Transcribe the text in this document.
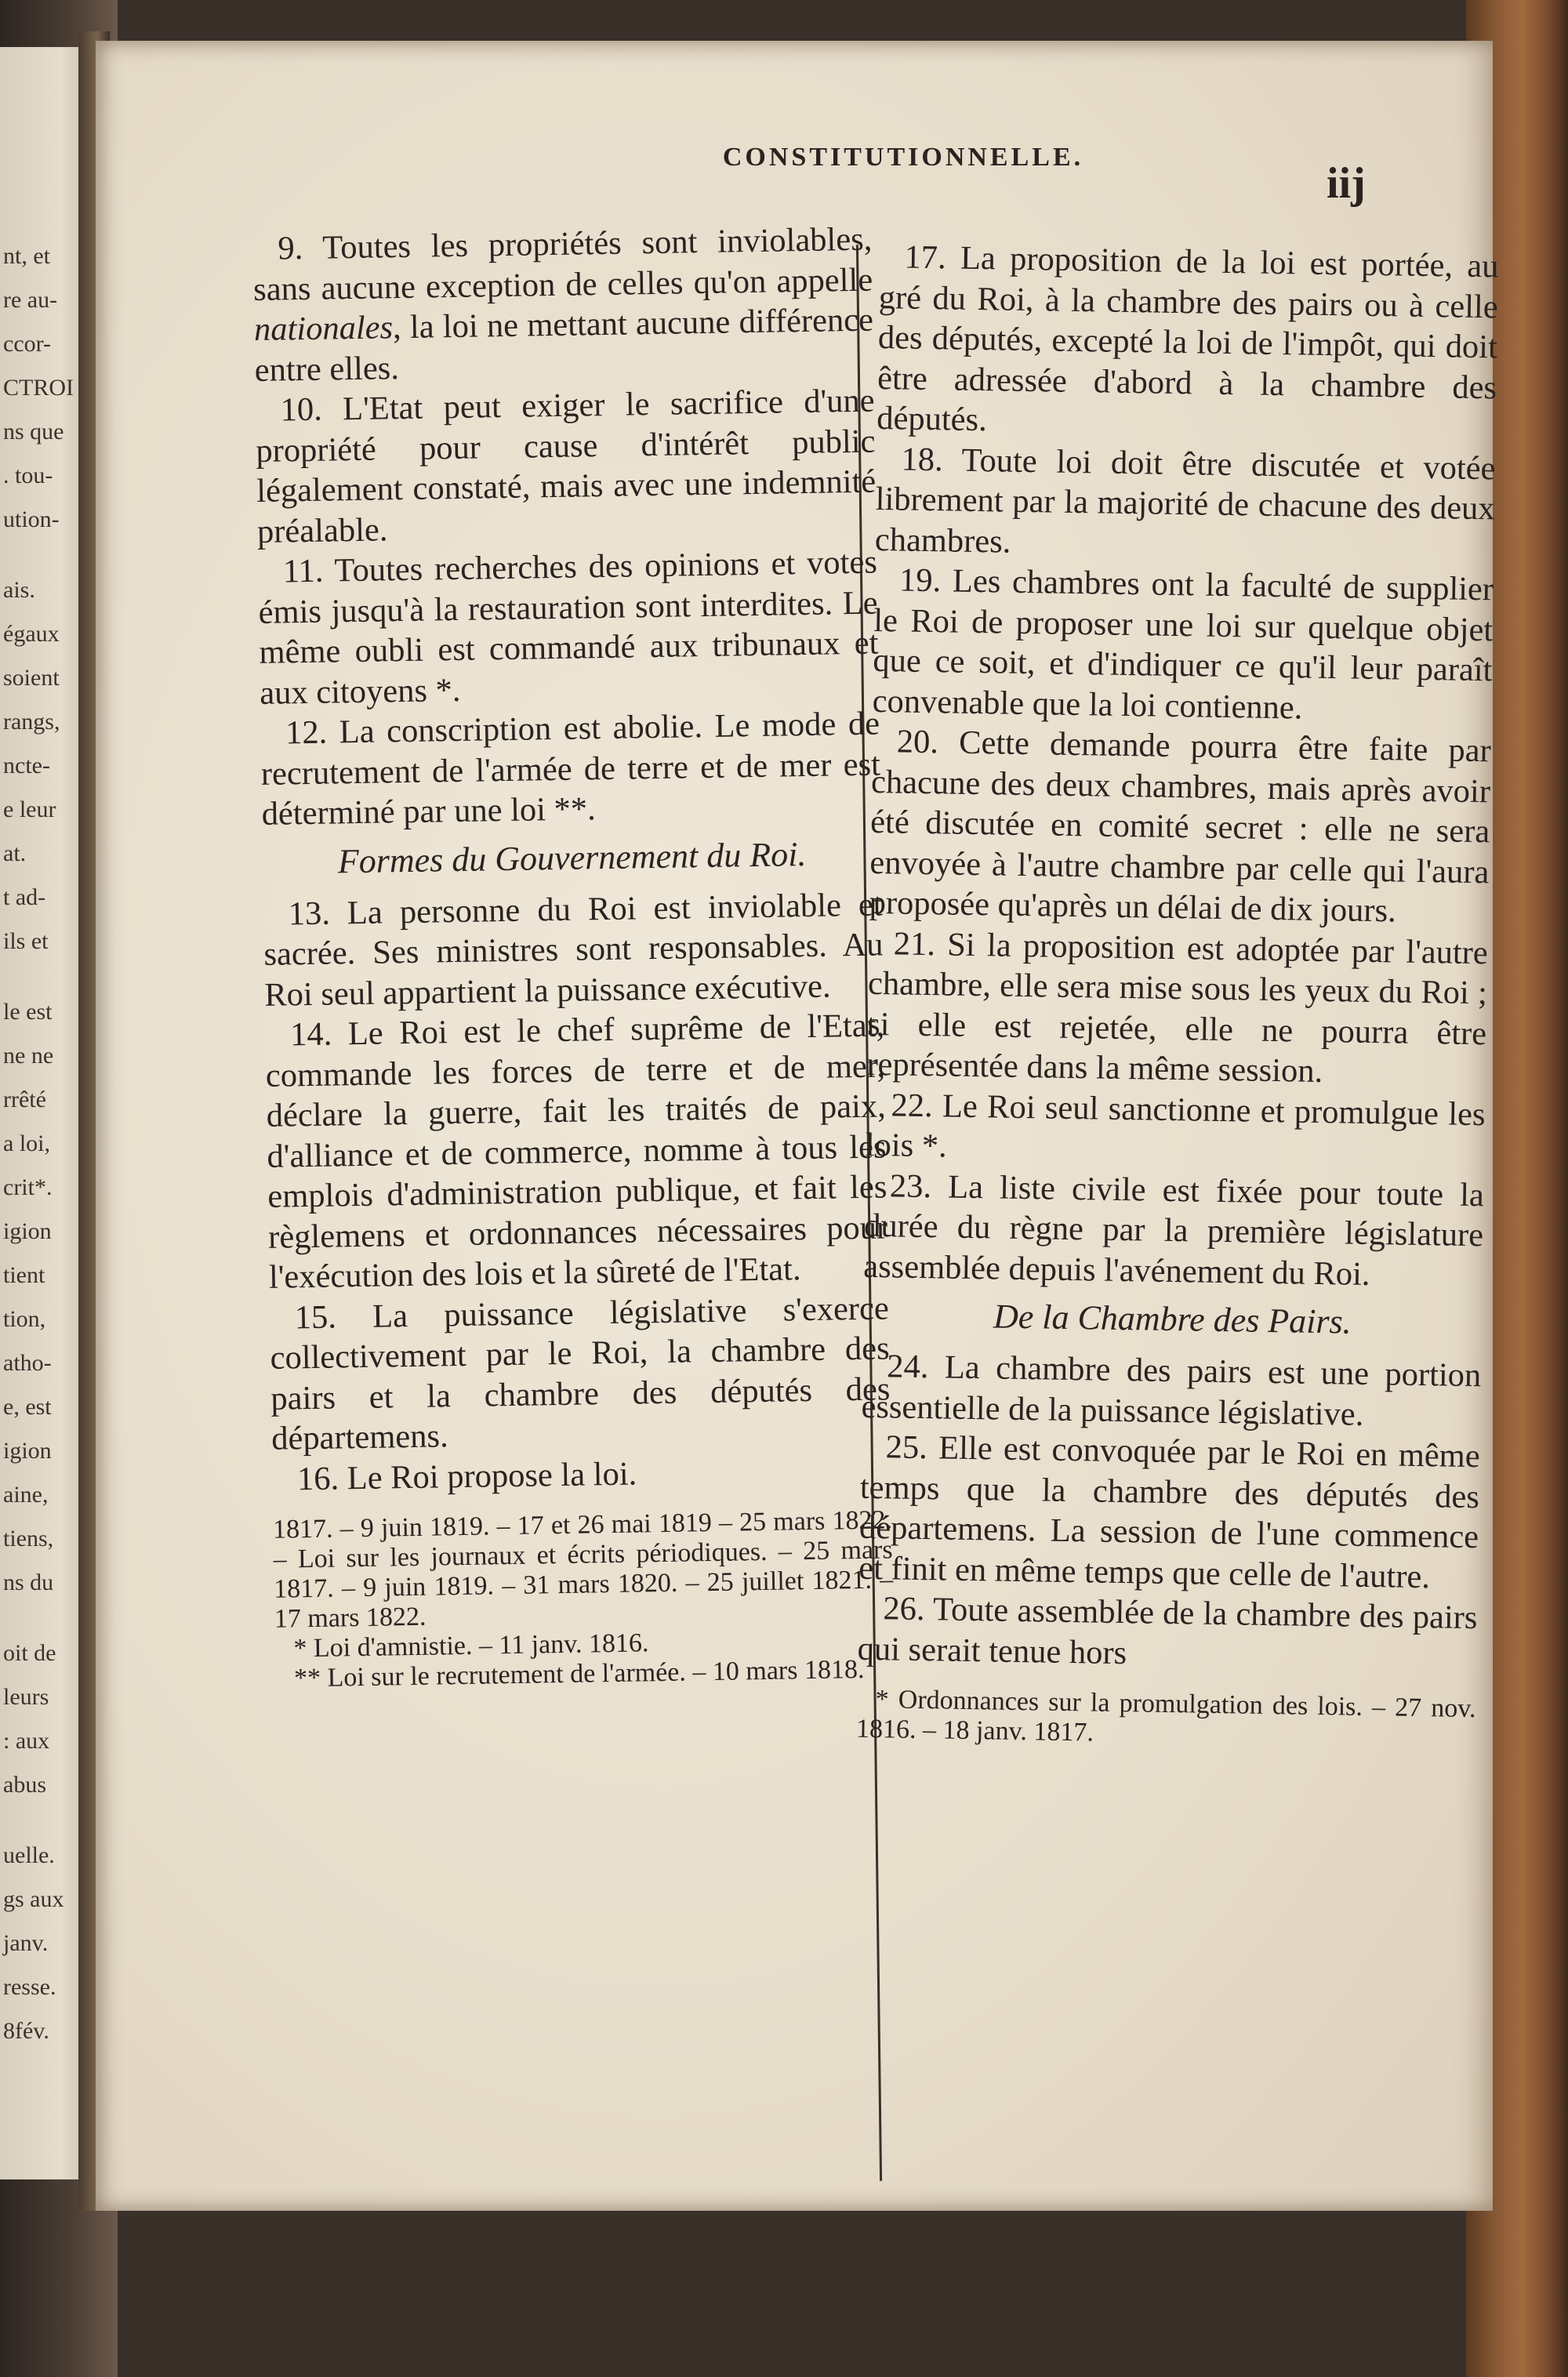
nt, et
re au-
ccor-
CTROI
ns que
. tou-
ution-
ais.
égaux
soient
rangs,
ncte-
e leur
at.
t ad-
ils et
le est
ne ne
rrêté
a loi,
crit*.
igion
tient
tion,
atho-
e, est
igion
aine,
tiens,
ns du
oit de
leurs
: aux
abus
uelle.
gs aux
janv.
resse.
8fév.
CONSTITUTIONNELLE.
iij

9. Toutes les propriétés sont inviolables, sans aucune exception de celles qu'on appelle nationales, la loi ne mettant aucune différence entre elles.

10. L'Etat peut exiger le sacrifice d'une propriété pour cause d'intérêt public légalement constaté, mais avec une indemnité préalable.

11. Toutes recherches des opinions et votes émis jusqu'à la restauration sont interdites. Le même oubli est commandé aux tribunaux et aux citoyens *.

12. La conscription est abolie. Le mode de recrutement de l'armée de terre et de mer est déterminé par une loi **.

Formes du Gouvernement du Roi.

13. La personne du Roi est inviolable et sacrée. Ses ministres sont responsables. Au Roi seul appartient la puissance exécutive.

14. Le Roi est le chef suprême de l'Etat, commande les forces de terre et de mer, déclare la guerre, fait les traités de paix, d'alliance et de commerce, nomme à tous les emplois d'administration publique, et fait les règlemens et ordonnances nécessaires pour l'exécution des lois et la sûreté de l'Etat.

15. La puissance législative s'exerce collectivement par le Roi, la chambre des pairs et la chambre des députés des départemens.

16. Le Roi propose la loi.

1817. – 9 juin 1819. – 17 et 26 mai 1819 – 25 mars 1822. – Loi sur les journaux et écrits périodiques. – 25 mars 1817. – 9 juin 1819. – 31 mars 1820. – 25 juillet 1821. – 17 mars 1822.

* Loi d'amnistie. – 11 janv. 1816.

** Loi sur le recrutement de l'armée. – 10 mars 1818.

17. La proposition de la loi est portée, au gré du Roi, à la chambre des pairs ou à celle des députés, excepté la loi de l'impôt, qui doit être adressée d'abord à la chambre des députés.

18. Toute loi doit être discutée et votée librement par la majorité de chacune des deux chambres.

19. Les chambres ont la faculté de supplier le Roi de proposer une loi sur quelque objet que ce soit, et d'indiquer ce qu'il leur paraît convenable que la loi contienne.

20. Cette demande pourra être faite par chacune des deux chambres, mais après avoir été discutée en comité secret : elle ne sera envoyée à l'autre chambre par celle qui l'aura proposée qu'après un délai de dix jours.

21. Si la proposition est adoptée par l'autre chambre, elle sera mise sous les yeux du Roi ; si elle est rejetée, elle ne pourra être représentée dans la même session.

22. Le Roi seul sanctionne et promulgue les lois *.

23. La liste civile est fixée pour toute la durée du règne par la première législature assemblée depuis l'avénement du Roi.

De la Chambre des Pairs.

24. La chambre des pairs est une portion essentielle de la puissance législative.

25. Elle est convoquée par le Roi en même temps que la chambre des députés des départemens. La session de l'une commence et finit en même temps que celle de l'autre.

26. Toute assemblée de la chambre des pairs qui serait tenue hors

* Ordonnances sur la promulgation des lois. – 27 nov. 1816. – 18 janv. 1817.
